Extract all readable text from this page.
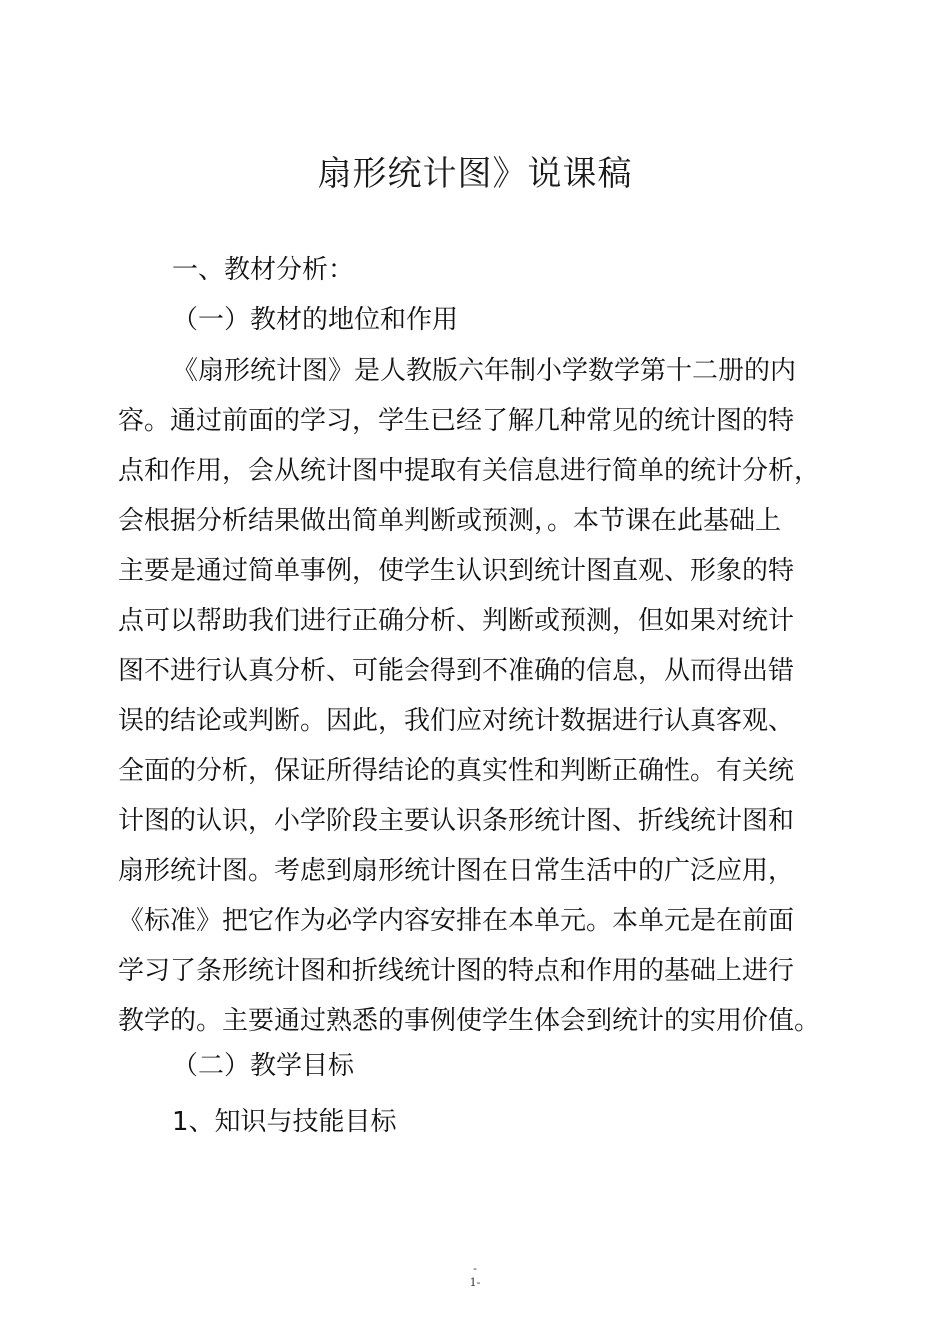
扇形统计图》说课稿
一、教材分析：
（一）教材的地位和作用
《扇形统计图》是人教版六年制小学数学第十二册的内
容。通过前面的学习，学生已经了解几种常见的统计图的特
点和作用，会从统计图中提取有关信息进行简单的统计分析，
会根据分析结果做出简单判断或预测，。本节课在此基础上
主要是通过简单事例，使学生认识到统计图直观、形象的特
点可以帮助我们进行正确分析、判断或预测，但如果对统计
图不进行认真分析、可能会得到不准确的信息，从而得出错
误的结论或判断。因此，我们应对统计数据进行认真客观、
全面的分析，保证所得结论的真实性和判断正确性。有关统
计图的认识，小学阶段主要认识条形统计图、折线统计图和
扇形统计图。考虑到扇形统计图在日常生活中的广泛应用，
《标准》把它作为必学内容安排在本单元。本单元是在前面
学习了条形统计图和折线统计图的特点和作用的基础上进行
教学的。主要通过熟悉的事例使学生体会到统计的实用价值。
（二）教学目标
1、知识与技能目标
-
1-
